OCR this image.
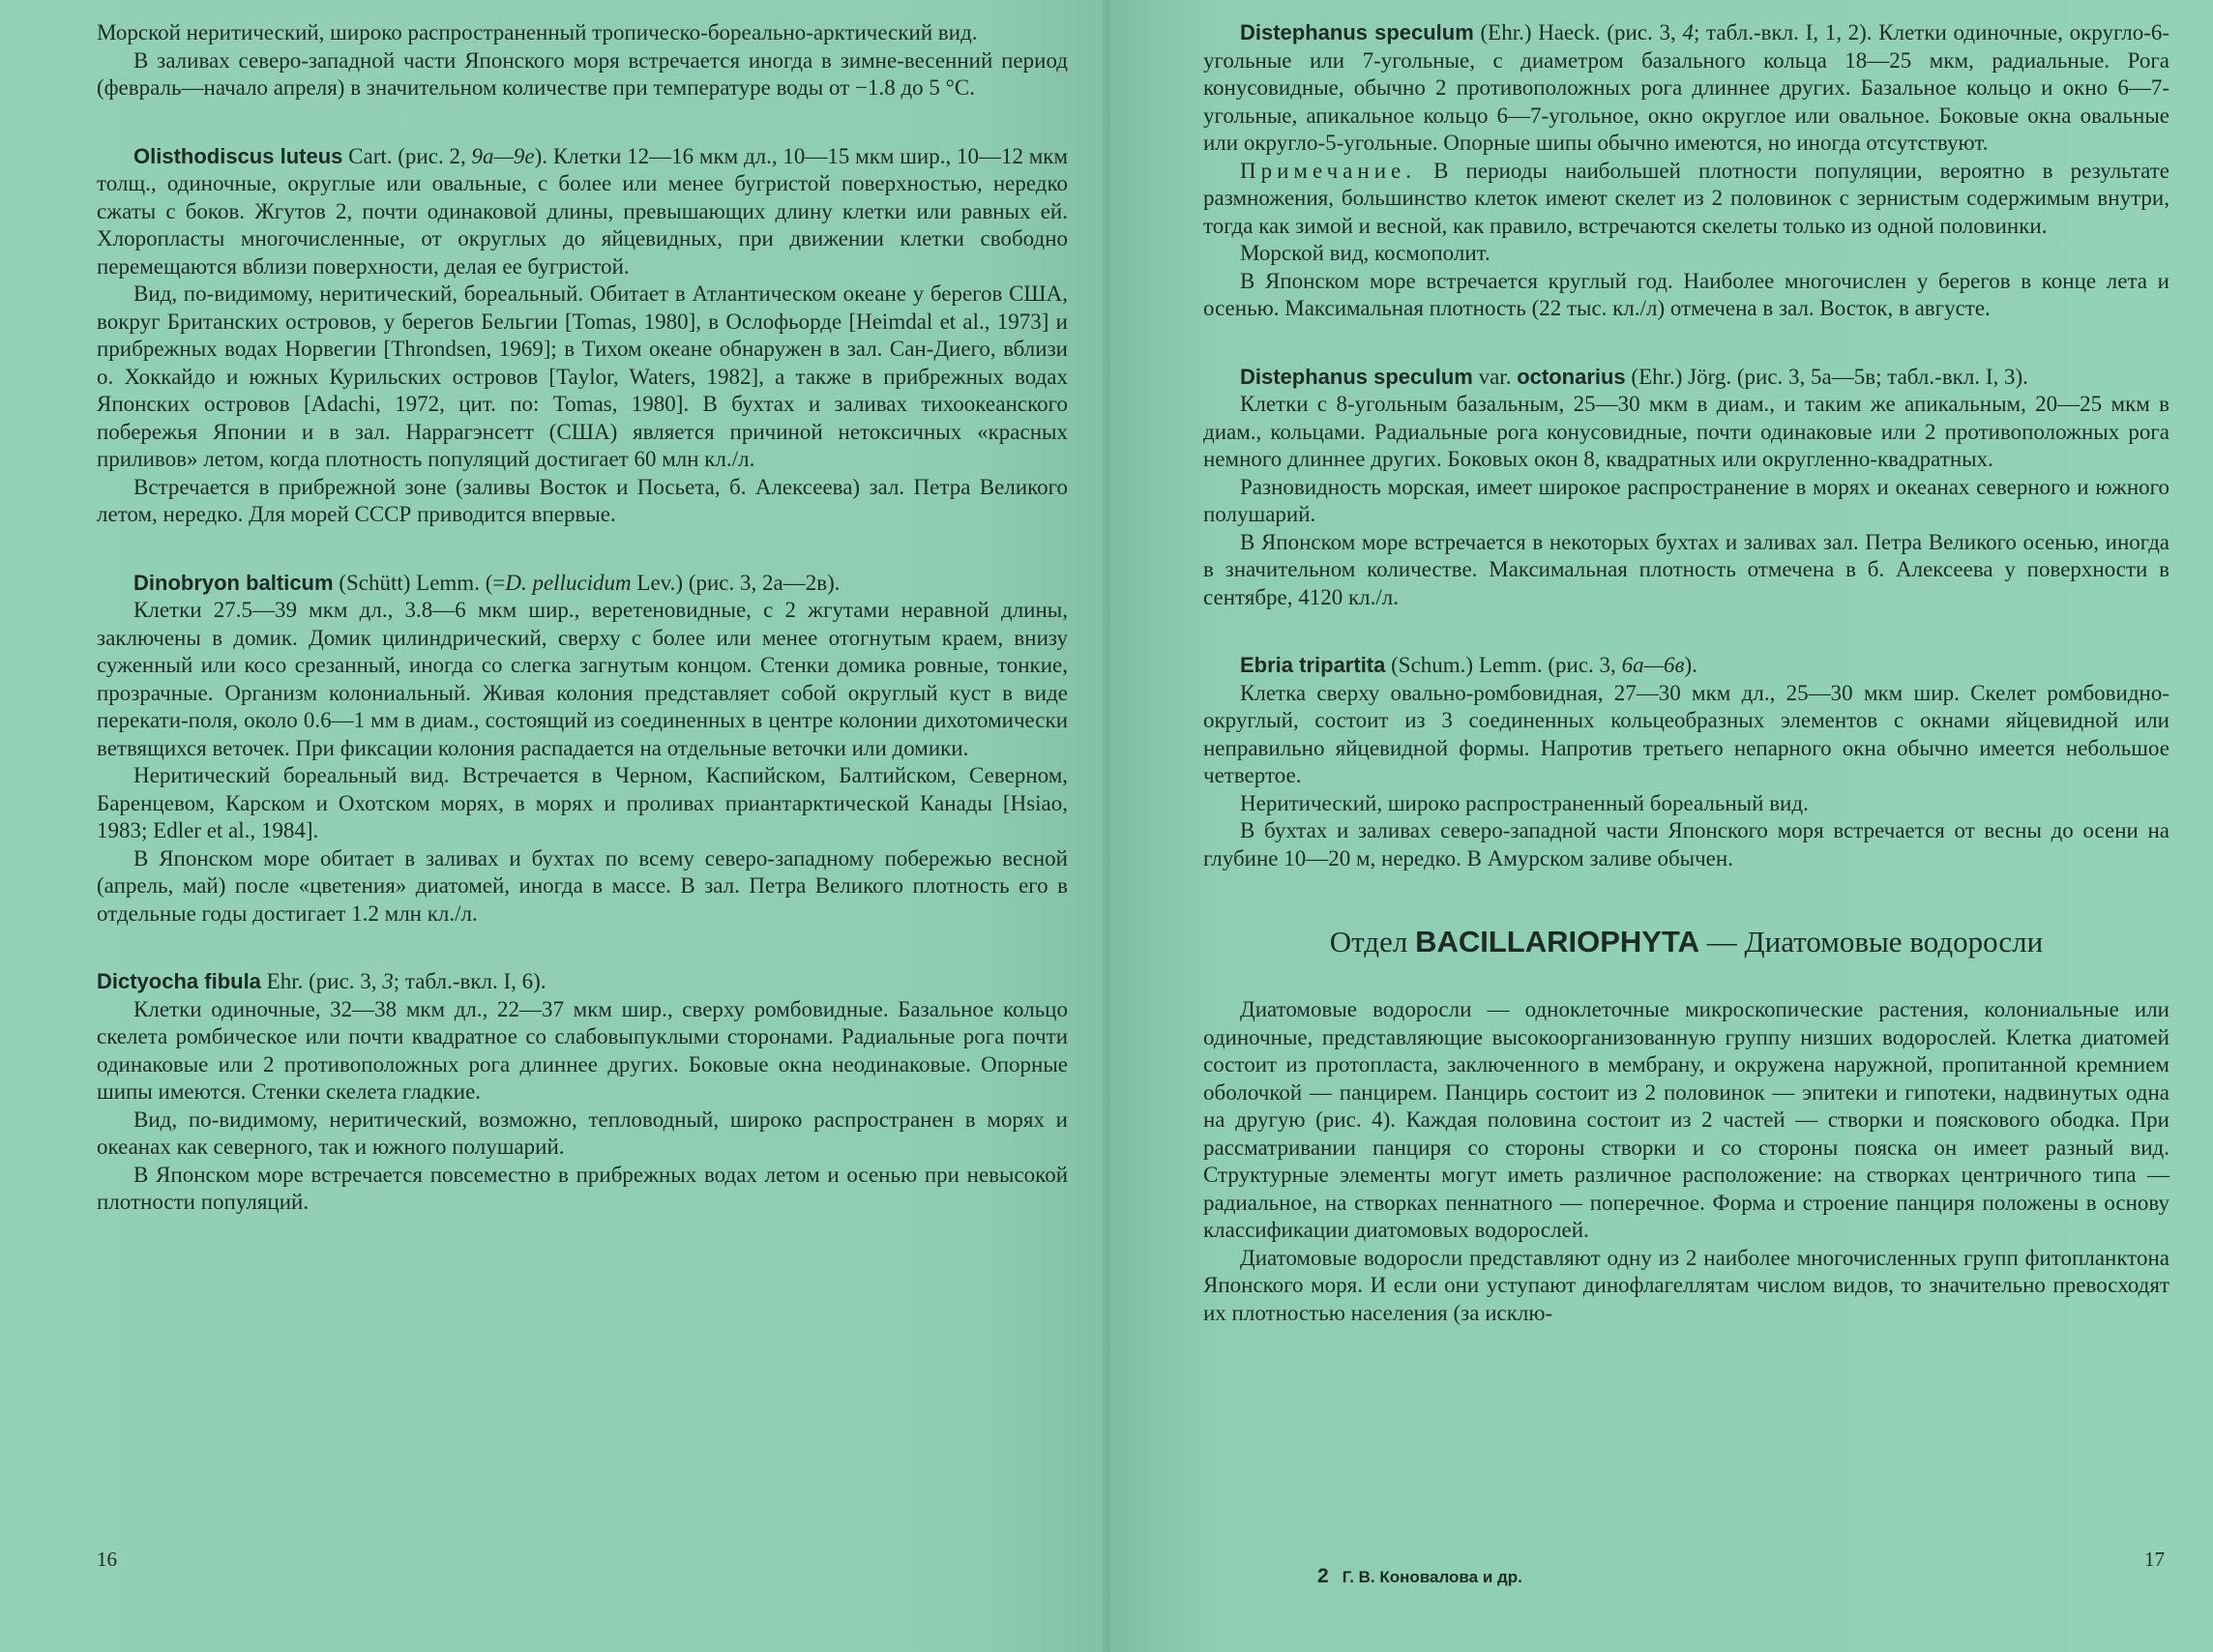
Морской неритический, широко распространенный тропическо-бореально-арктический вид.

В заливах северо-западной части Японского моря встречается иногда в зимне-весенний период (февраль—начало апреля) в значительном количестве при температуре воды от −1.8 до 5 °С.

Olisthodiscus luteus Cart. (рис. 2, 9а—9е). Клетки 12—16 мкм дл., 10—15 мкм шир., 10—12 мкм толщ., одиночные, округлые или овальные, с более или менее бугристой поверхностью, нередко сжаты с боков. Жгутов 2, почти одинаковой длины, превышающих длину клетки или равных ей. Хлоропласты многочисленные, от округлых до яйцевидных, при движении клетки свободно перемещаются вблизи поверхности, делая ее бугристой.

Вид, по-видимому, неритический, бореальный. Обитает в Атлантическом океане у берегов США, вокруг Британских островов, у берегов Бельгии [Tomas, 1980], в Ослофьорде [Heimdal et al., 1973] и прибрежных водах Норвегии [Throndsen, 1969]; в Тихом океане обнаружен в зал. Сан-Диего, вблизи о. Хоккайдо и южных Курильских островов [Taylor, Waters, 1982], а также в прибрежных водах Японских островов [Adachi, 1972, цит. по: Tomas, 1980]. В бухтах и заливах тихоокеанского побережья Японии и в зал. Наррагэнсетт (США) является причиной нетоксичных «красных приливов» летом, когда плотность популяций достигает 60 млн кл./л.

Встречается в прибрежной зоне (заливы Восток и Посьета, б. Алексеева) зал. Петра Великого летом, нередко. Для морей СССР приводится впервые.

Dinobryon balticum (Schütt) Lemm. (=D. pellucidum Lev.) (рис. 3, 2а—2в).

Клетки 27.5—39 мкм дл., 3.8—6 мкм шир., веретеновидные, с 2 жгутами неравной длины, заключены в домик. Домик цилиндрический, сверху с более или менее отогнутым краем, внизу суженный или косо срезанный, иногда со слегка загнутым концом. Стенки домика ровные, тонкие, прозрачные. Организм колониальный. Живая колония представляет собой округлый куст в виде перекати-поля, около 0.6—1 мм в диам., состоящий из соединенных в центре колонии дихотомически ветвящихся веточек. При фиксации колония распадается на отдельные веточки или домики.

Неритический бореальный вид. Встречается в Черном, Каспийском, Балтийском, Северном, Баренцевом, Карском и Охотском морях, в морях и проливах приантарктической Канады [Hsiao, 1983; Edler et al., 1984].

В Японском море обитает в заливах и бухтах по всему северо-западному побережью весной (апрель, май) после «цветения» диатомей, иногда в массе. В зал. Петра Великого плотность его в отдельные годы достигает 1.2 млн кл./л.

Dictyocha fibula Ehr. (рис. 3, 3; табл.-вкл. I, 6).

Клетки одиночные, 32—38 мкм дл., 22—37 мкм шир., сверху ромбовидные. Базальное кольцо скелета ромбическое или почти квадратное со слабовыпуклыми сторонами. Радиальные рога почти одинаковые или 2 противоположных рога длиннее других. Боковые окна неодинаковые. Опорные шипы имеются. Стенки скелета гладкие.

Вид, по-видимому, неритический, возможно, тепловодный, широко распространен в морях и океанах как северного, так и южного полушарий.

В Японском море встречается повсеместно в прибрежных водах летом и осенью при невысокой плотности популяций.

16

Distephanus speculum (Ehr.) Haeck. (рис. 3, 4; табл.-вкл. I, 1, 2). Клетки одиночные, округло-6-угольные или 7-угольные, с диаметром базального кольца 18—25 мкм, радиальные. Рога конусовидные, обычно 2 противоположных рога длиннее других. Базальное кольцо и окно 6—7-угольные, апикальное кольцо 6—7-угольное, окно округлое или овальное. Боковые окна овальные или округло-5-угольные. Опорные шипы обычно имеются, но иногда отсутствуют.

Примечание. В периоды наибольшей плотности популяции, вероятно в результате размножения, большинство клеток имеют скелет из 2 половинок с зернистым содержимым внутри, тогда как зимой и весной, как правило, встречаются скелеты только из одной половинки.

Морской вид, космополит.

В Японском море встречается круглый год. Наиболее многочислен у берегов в конце лета и осенью. Максимальная плотность (22 тыс. кл./л) отмечена в зал. Восток, в августе.

Distephanus speculum var. octonarius (Ehr.) Jörg. (рис. 3, 5а—5в; табл.-вкл. I, 3).

Клетки с 8-угольным базальным, 25—30 мкм в диам., и таким же апикальным, 20—25 мкм в диам., кольцами. Радиальные рога конусовидные, почти одинаковые или 2 противоположных рога немного длиннее других. Боковых окон 8, квадратных или округленно-квадратных.

Разновидность морская, имеет широкое распространение в морях и океанах северного и южного полушарий.

В Японском море встречается в некоторых бухтах и заливах зал. Петра Великого осенью, иногда в значительном количестве. Максимальная плотность отмечена в б. Алексеева у поверхности в сентябре, 4120 кл./л.

Ebria tripartita (Schum.) Lemm. (рис. 3, 6а—6в).

Клетка сверху овально-ромбовидная, 27—30 мкм дл., 25—30 мкм шир. Скелет ромбовидно-округлый, состоит из 3 соединенных кольцеобразных элементов с окнами яйцевидной или неправильно яйцевидной формы. Напротив третьего непарного окна обычно имеется небольшое четвертое.

Неритический, широко распространенный бореальный вид.

В бухтах и заливах северо-западной части Японского моря встречается от весны до осени на глубине 10—20 м, нередко. В Амурском заливе обычен.

Отдел BACILLARIOPHYTA — Диатомовые водоросли

Диатомовые водоросли — одноклеточные микроскопические растения, колониальные или одиночные, представляющие высокоорганизованную группу низших водорослей. Клетка диатомей состоит из протопласта, заключенного в мембрану, и окружена наружной, пропитанной кремнием оболочкой — панцирем. Панцирь состоит из 2 половинок — эпитеки и гипотеки, надвинутых одна на другую (рис. 4). Каждая половина состоит из 2 частей — створки и пояскового ободка. При рассматривании панциря со стороны створки и со стороны пояска он имеет разный вид. Структурные элементы могут иметь различное расположение: на створках центричного типа — радиальное, на створках пеннатного — поперечное. Форма и строение панциря положены в основу классификации диатомовых водорослей.

Диатомовые водоросли представляют одну из 2 наиболее многочисленных групп фитопланктона Японского моря. И если они уступают динофлагеллятам числом видов, то значительно превосходят их плотностью населения (за исклю-

2 Г. В. Коновалова и др.
17
